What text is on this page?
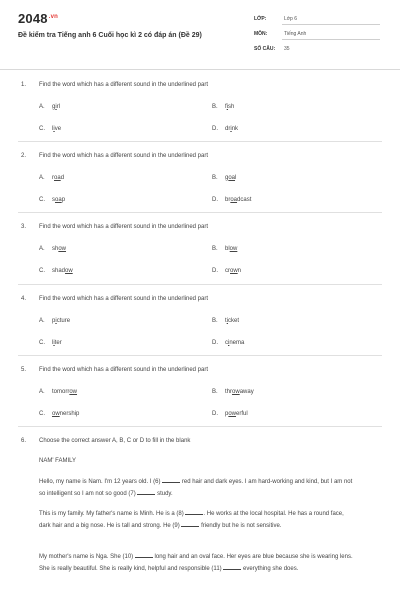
$2048^{.vn}$
Đề kiểm tra Tiếng anh 6 Cuối học kì 2 có đáp án (Đề 29)
LỚP:	Lớp 6
MÔN:	Tiếng Anh
SỐ CÂU: 35
1. Find the word which has a different sound in the underlined part
A. girl	B. fish
C. live	D. drink
2. Find the word which has a different sound in the underlined part
A. road	B. goal
C. soap	D. broadcast
3. Find the word which has a different sound in the underlined part
A. show	B. blow
C. shadow	D. crown
4. Find the word which has a different sound in the underlined part
A. picture	B. ticket
C. liter	D. cinema
5. Find the word which has a different sound in the underlined part
A. tomorrow	B. throwaway
C. ownership	D. powerful
6. Choose the correct answer A, B, C or D to fill in the blank
NAM' FAMILY
Hello, my name is Nam. I'm 12 years old. I (6)	red hair and dark eyes. I am hard-working and kind, but I am not so intelligent so I am not so good (7)	study.
This is my family. My father's name is Minh. He is a (8)	. He works at the local hospital. He has a round face, dark hair and a big nose. He is tall and strong. He (9)	friendly but he is not sensitive.
My mother's name is Nga. She (10)	long hair and an oval face. Her eyes are blue because she is wearing lens. She is really beautiful. She is really kind, helpful and responsible (11)	everything she does.
